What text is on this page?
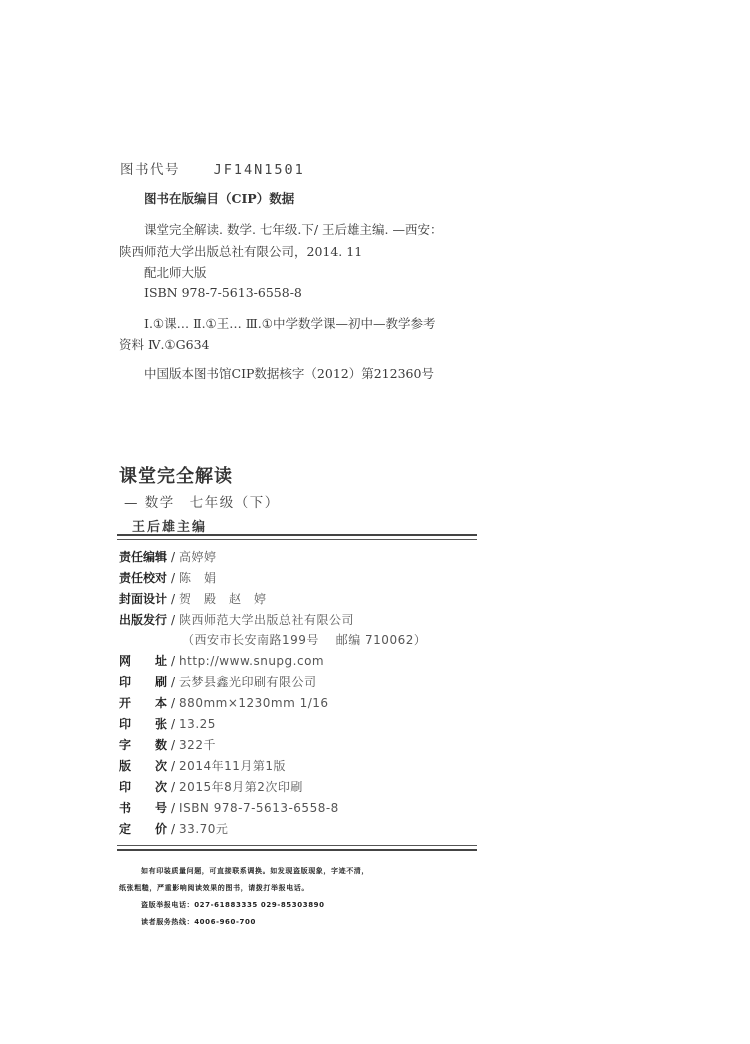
图书代号 JF14N1501
图书在版编目（CIP）数据
课堂完全解读. 数学. 七年级.下/ 王后雄主编. —西安：
陕西师范大学出版总社有限公司，2014. 11
配北师大版
ISBN 978-7-5613-6558-8
Ⅰ.①课… Ⅱ.①王… Ⅲ.①中学数学课—初中—教学参考
资料 Ⅳ.①G634
中国版本图书馆CIP数据核字（2012）第212360号
课堂完全解读
— 数学　七年级（下）
王后雄主编
责任编辑 / 高婷婷
责任校对 / 陈　娟
封面设计 / 贺　殿　赵　婷
出版发行 / 陕西师范大学出版总社有限公司
（西安市长安南路199号　 邮编 710062）
网址 / http://www.snupg.com
印刷 / 云梦县鑫光印刷有限公司
开本 / 880mm×1230mm 1/16
印张 / 13.25
字数 / 322千
版次 / 2014年11月第1版
印次 / 2015年8月第2次印刷
书号 / ISBN 978-7-5613-6558-8
定价 / 33.70元
如有印装质量问题，可直接联系调换。如发现盗版现象，字迹不清，
纸张粗糙，严重影响阅读效果的图书，请拨打举报电话。
盗版举报电话：027-61883335 029-85303890
读者服务热线：4006-960-700
